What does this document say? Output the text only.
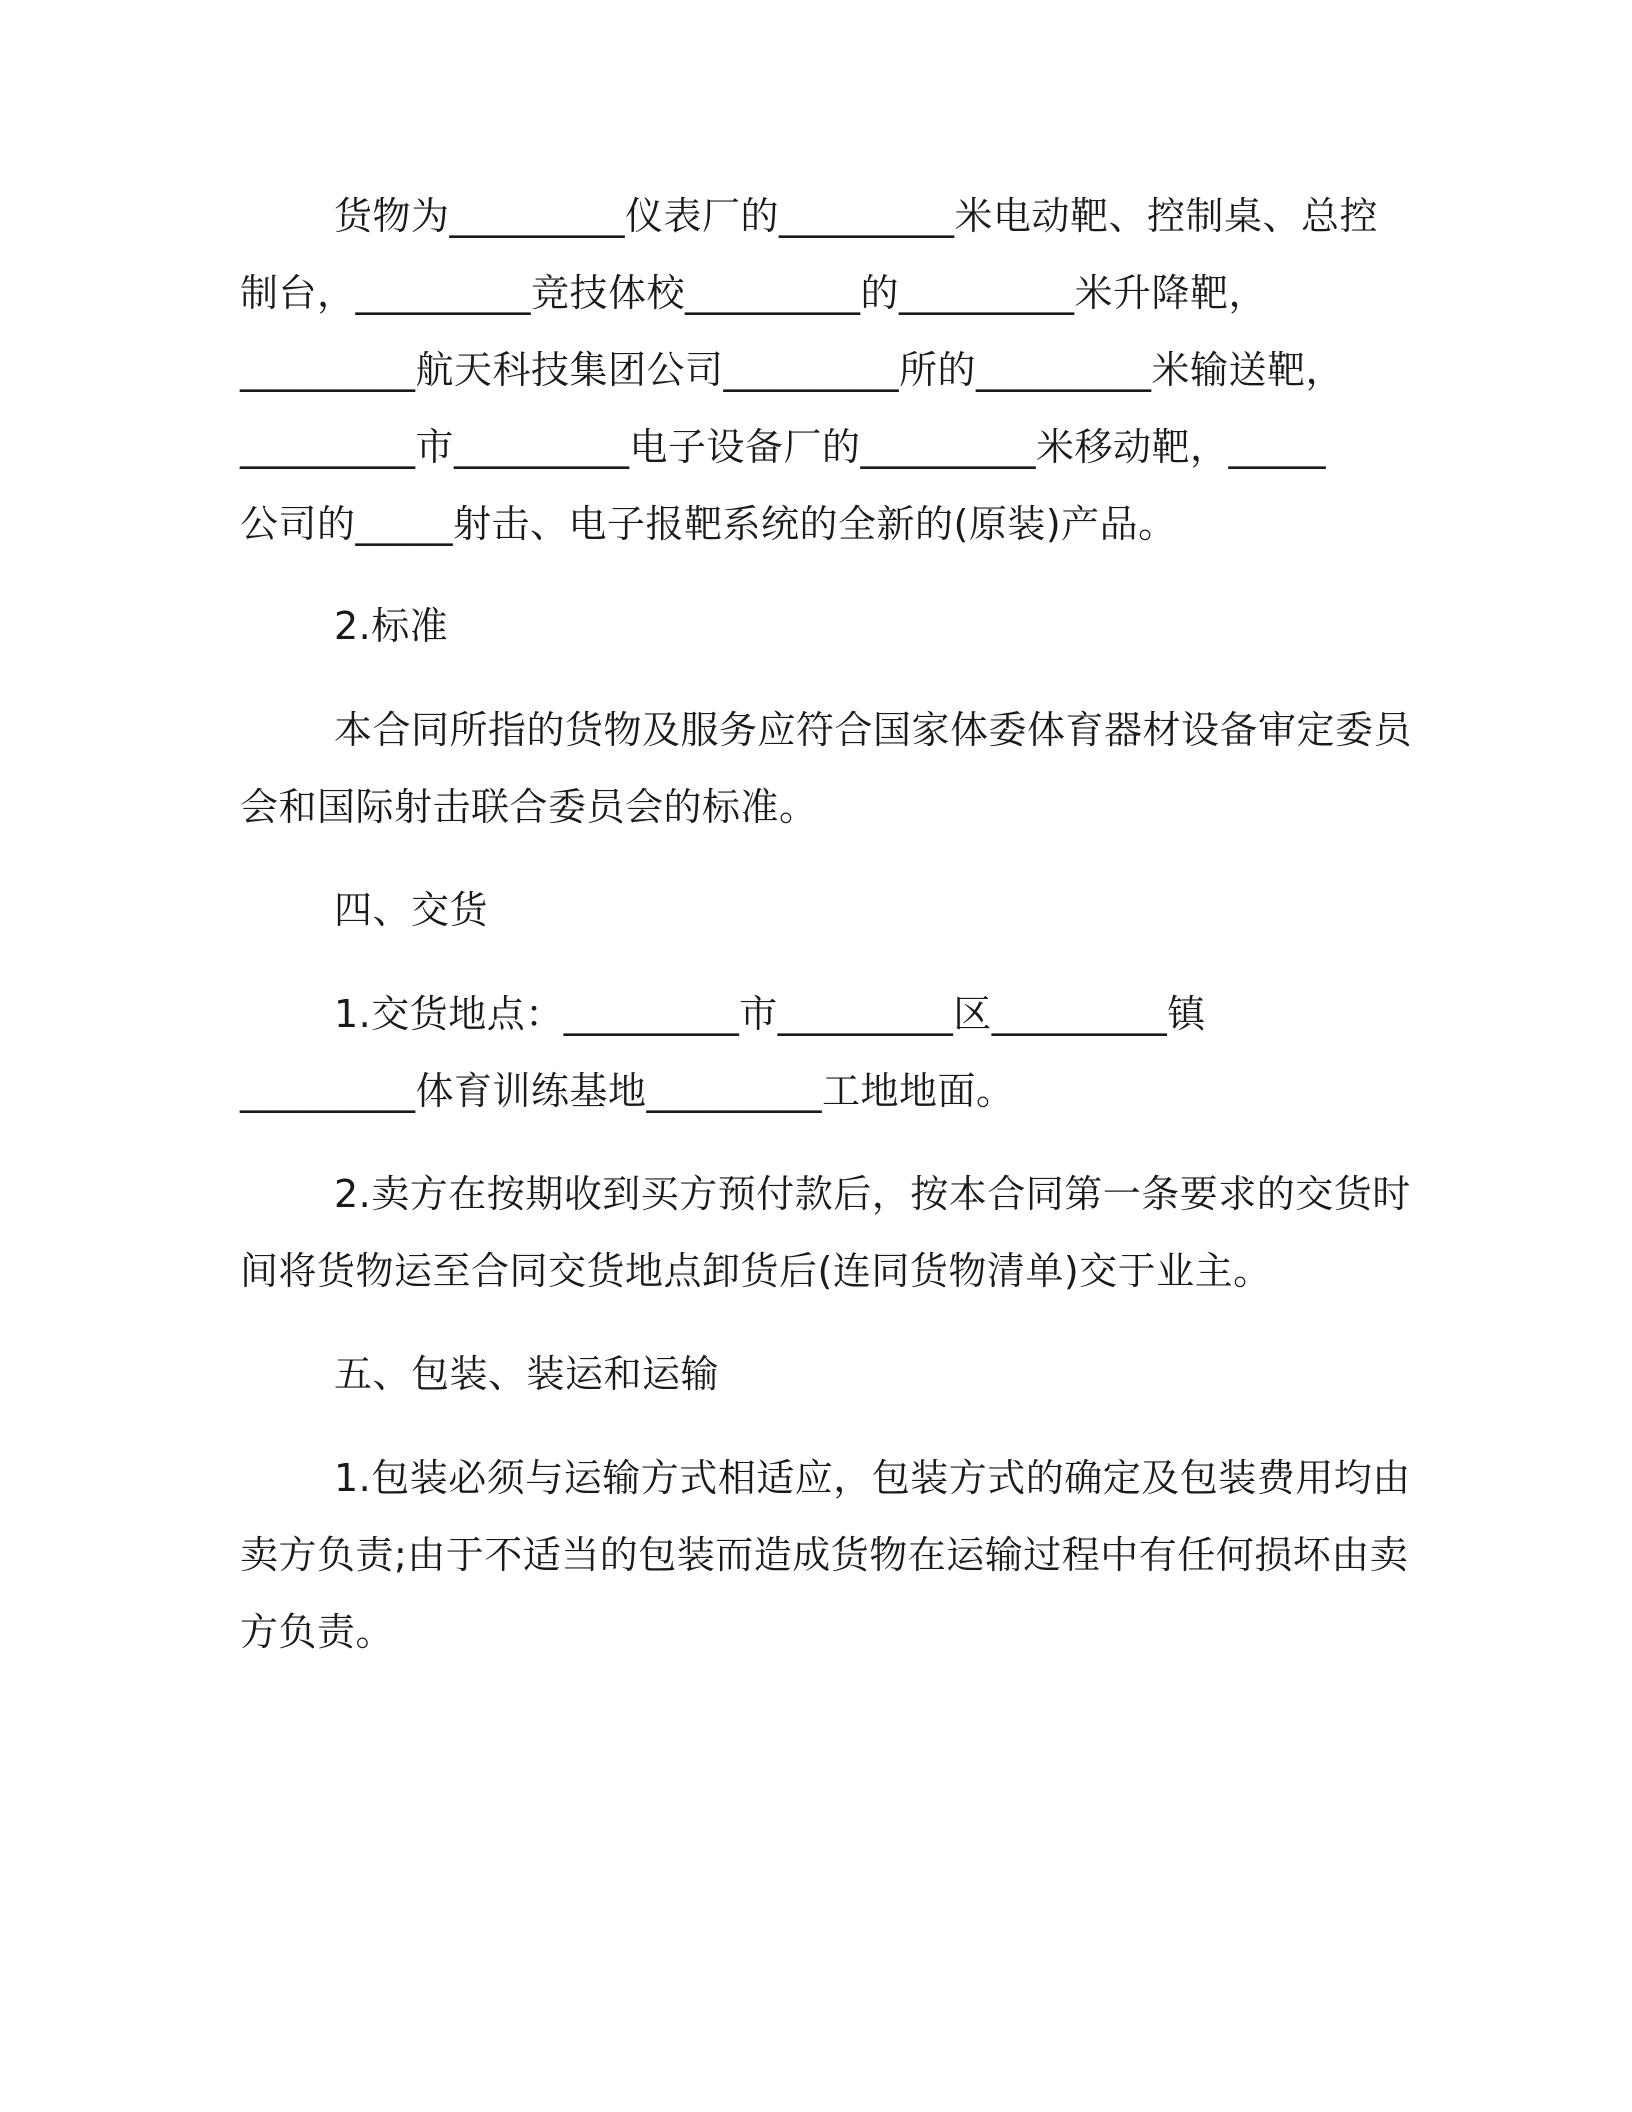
货物为_________仪表厂的_________米电动靶、控制桌、总控
制台，_________竞技体校_________的_________米升降靶，
_________航天科技集团公司_________所的_________米输送靶，
_________市_________电子设备厂的_________米移动靶，_____
公司的_____射击、电子报靶系统的全新的(原装)产品。
2.标准
本合同所指的货物及服务应符合国家体委体育器材设备审定委员
会和国际射击联合委员会的标准。
四、交货
1.交货地点：_________市_________区_________镇
_________体育训练基地_________工地地面。
2.卖方在按期收到买方预付款后，按本合同第一条要求的交货时
间将货物运至合同交货地点卸货后(连同货物清单)交于业主。
五、包装、装运和运输
1.包装必须与运输方式相适应，包装方式的确定及包装费用均由
卖方负责;由于不适当的包装而造成货物在运输过程中有任何损坏由卖
方负责。
